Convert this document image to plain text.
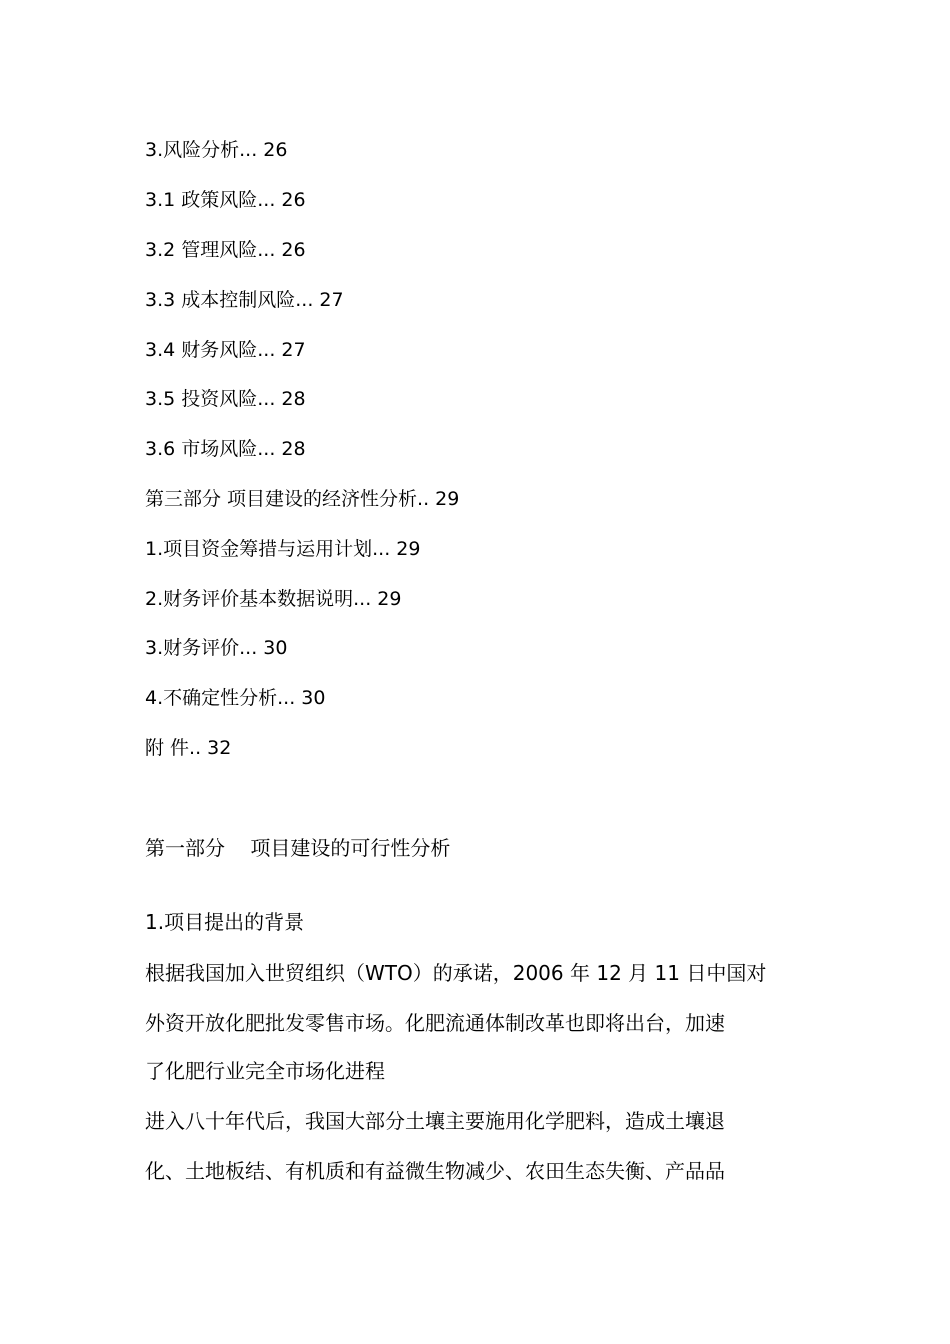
3.风险分析... 26
3.1 政策风险... 26
3.2 管理风险... 26
3.3 成本控制风险... 27
3.4 财务风险... 27
3.5 投资风险... 28
3.6 市场风险... 28
第三部分 项目建设的经济性分析.. 29
1.项目资金筹措与运用计划... 29
2.财务评价基本数据说明... 29
3.财务评价... 30
4.不确定性分析... 30
附 件.. 32
第一部分    项目建设的可行性分析
1.项目提出的背景
根据我国加入世贸组织（WTO）的承诺，2006 年 12 月 11 日中国对
外资开放化肥批发零售市场。化肥流通体制改革也即将出台，加速
了化肥行业完全市场化进程
进入八十年代后，我国大部分土壤主要施用化学肥料，造成土壤退
化、土地板结、有机质和有益微生物减少、农田生态失衡、产品品
